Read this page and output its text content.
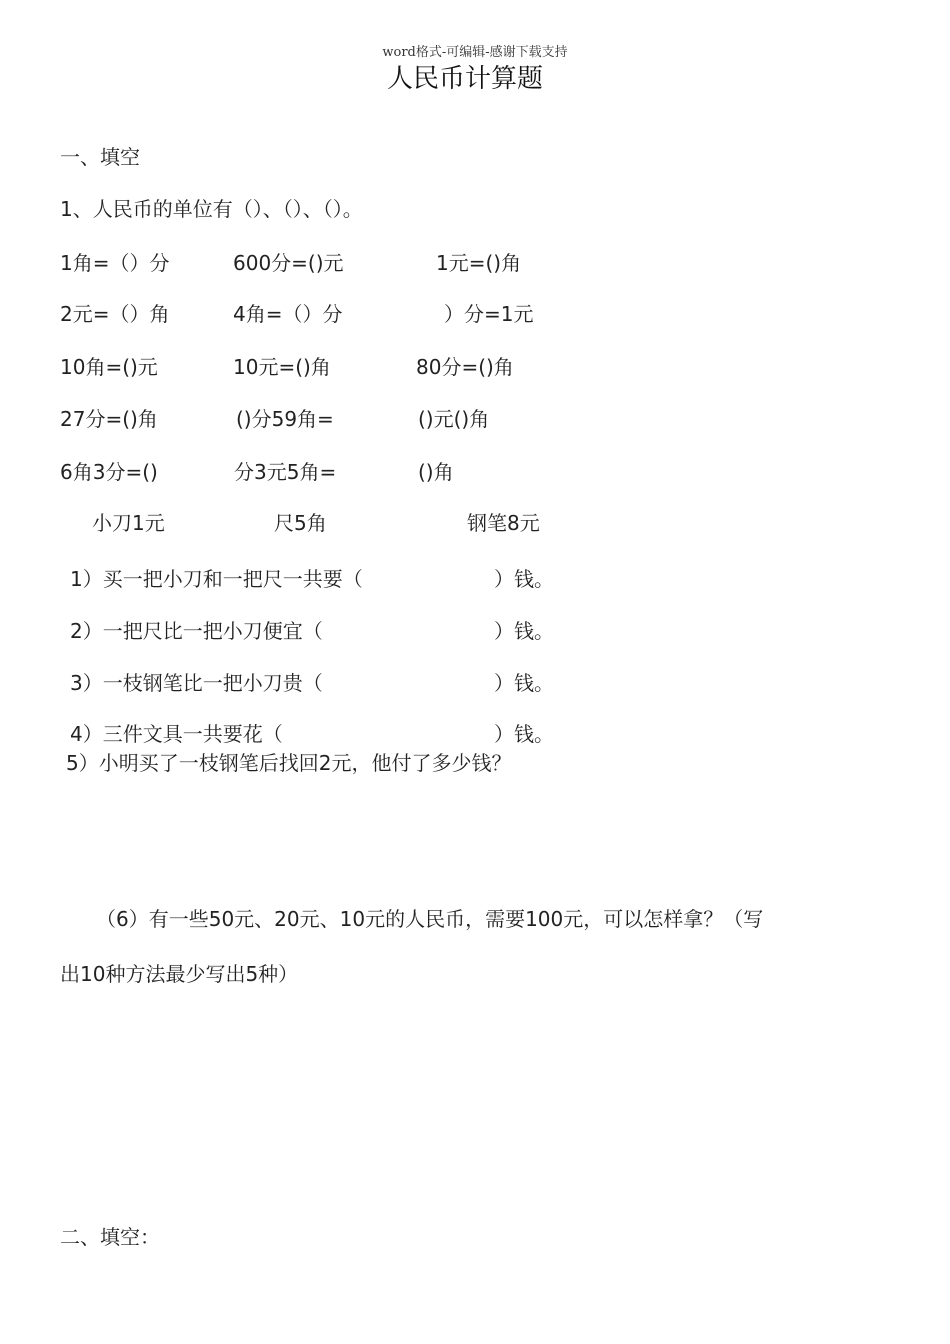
word格式-可编辑-感谢下载支持
人民币计算题
一、填空
1、人民币的单位有（）、（）、（）。
1角=（）分	600分=()元	1元=()角
2元=（）角	4角=（）分	）分=1元
10角=()元	10元=()角	80分=()角
27分=()角	()分59角=	()元()角
6角3分=()	分3元5角=	()角
小刀1元	尺5角	钢笔8元
1）买一把小刀和一把尺一共要（	）钱。
2）一把尺比一把小刀便宜（	）钱。
3）一枝钢笔比一把小刀贵（	）钱。
4）三件文具一共要花（	）钱。
5）小明买了一枝钢笔后找回2元，他付了多少钱？
（6）有一些50元、20元、10元的人民币，需要100元，可以怎样拿？（写
出10种方法最少写出5种）
二、填空：
